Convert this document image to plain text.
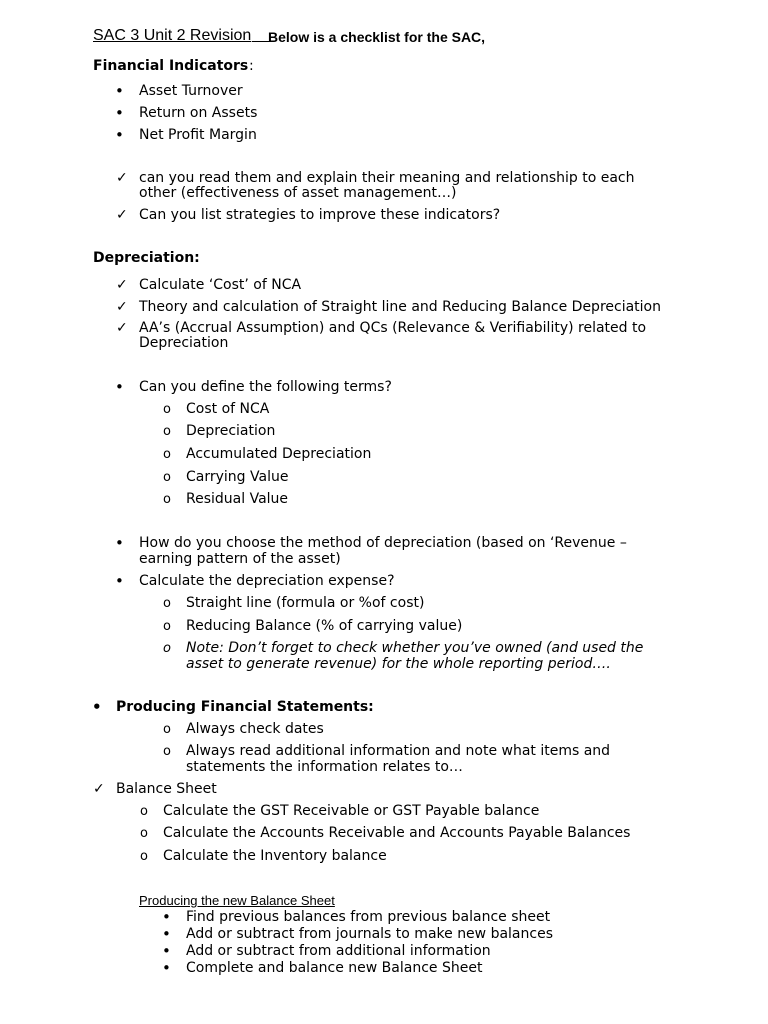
SAC 3 Unit 2 Revision
Below is a checklist for the SAC,
Financial Indicators :
• Asset Turnover
• Return on Assets
• Net Profit Margin
✓ can you read them and explain their meaning and relationship to each
other (effectiveness of asset management…)
✓ Can you list strategies to improve these indicators?
Depreciation:
✓ Calculate ‘Cost’ of NCA
✓ Theory and calculation of Straight line and Reducing Balance Depreciation
✓ AA’s (Accrual Assumption) and QCs (Relevance & Verifiability) related to
Depreciation
• Can you define the following terms?
o Cost of NCA
o Depreciation
o Accumulated Depreciation
o Carrying Value
o Residual Value
• How do you choose the method of depreciation (based on ‘Revenue –
earning pattern of the asset)
• Calculate the depreciation expense?
o Straight line (formula or %of cost)
o Reducing Balance (% of carrying value)
o Note: Don’t forget to check whether you’ve owned (and used the
asset to generate revenue) for the whole reporting period….
• Producing Financial Statements:
o Always check dates
o Always read additional information and note what items and
statements the information relates to…
✓ Balance Sheet
o Calculate the GST Receivable or GST Payable balance
o Calculate the Accounts Receivable and Accounts Payable Balances
o Calculate the Inventory balance
Producing the new Balance Sheet
• Find previous balances from previous balance sheet
• Add or subtract from journals to make new balances
• Add or subtract from additional information
• Complete and balance new Balance Sheet
